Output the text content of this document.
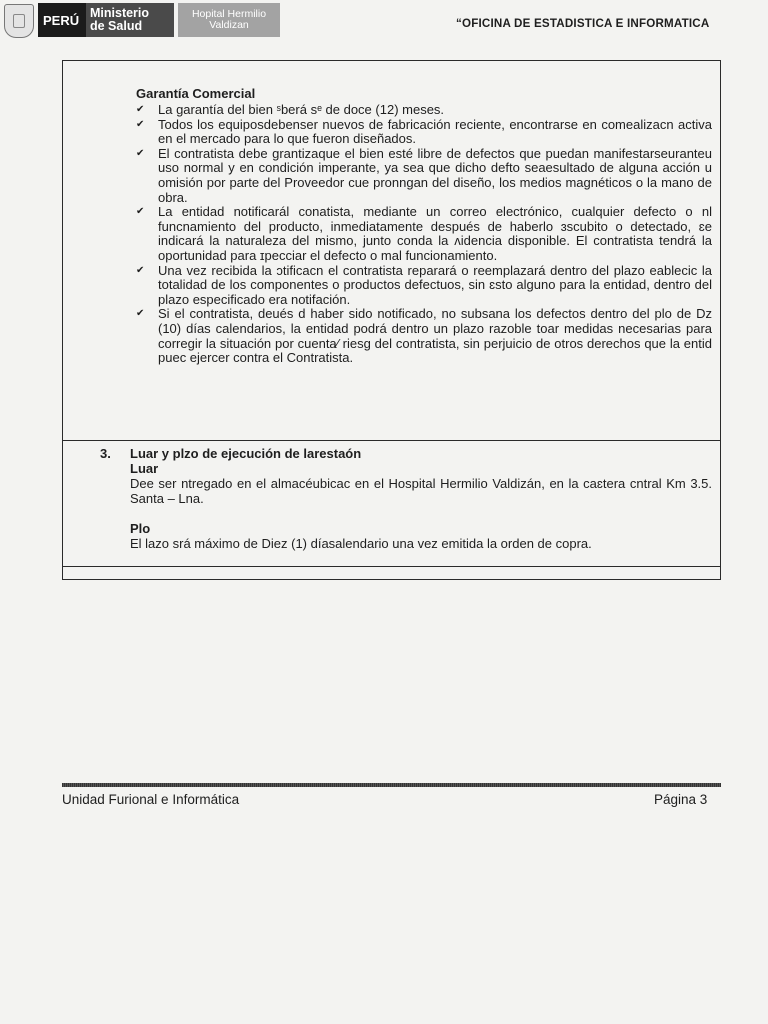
PERÚ Ministerio
de Salud
Hopital Hermilio
Valdizan	“OFICINA DE ESTADISTICA E INFORMATICA
Garantía Comercial
✔ La garantía del bien ˢberá sᵉ de doce (12) meses.
✔ Todos los equiposdebenser nuevos de fabricación reciente, encontrarse en comealizacn activa en el mercado para lo que fueron diseñados.
✔ El contratista debe grantizaque el bien esté libre de defectos que puedan manifestarseurantеu uso normal y en condición imperante, ya sea que dicho defto seaesultado de alguna acción u omisión por parte del Proveedor cue pronngan del diseño, los medios magnéticos o la mano de obra.
✔ La entidad notificarál conatista, mediante un correo electrónico, cualquier defecto o nl funcnamiento del producto, inmediatamente después de haberlo ɜscubito o detectado, ɛe indicará la naturaleza del mismo, junto conda la ʌidencia disponible. El contratista tendrá la oportunidad para ɪpecciar el defecto o mal funcionamiento.
✔ Una vez recibida la ɔtificacn el contratista reparará o reemplazará dentro del plazo eablecic la totalidad de los componentes o productos defectuos, sin ɛsto alguno para la entidad, dentro del plazo especificado era notifación.
✔ Si el contratista, deués d haber sido notificado, no subsana los defectos dentro del plo de Dz (10) días calendarios, la entidad podrá dentro un plazo razoble toar medidas necesarias para corregir la situación por cuenta⁄ riesg del contratista, sin perjuicio de otros derechos que la entid puec ejercer contra el Contratista.
3. Luar y plzo de ejecución de larestaón
Luar
Dee ser ntregado en el almacéubicac en el Hospital Hermilio Valdizán, en la caɛtera cntral Km 3.5. Santa – Lna.
Plo
El lazo srá máximo de Diez (1) díasalendario una vez emitida la orden de copra.
Unidad Furional e Informática	Página 3
